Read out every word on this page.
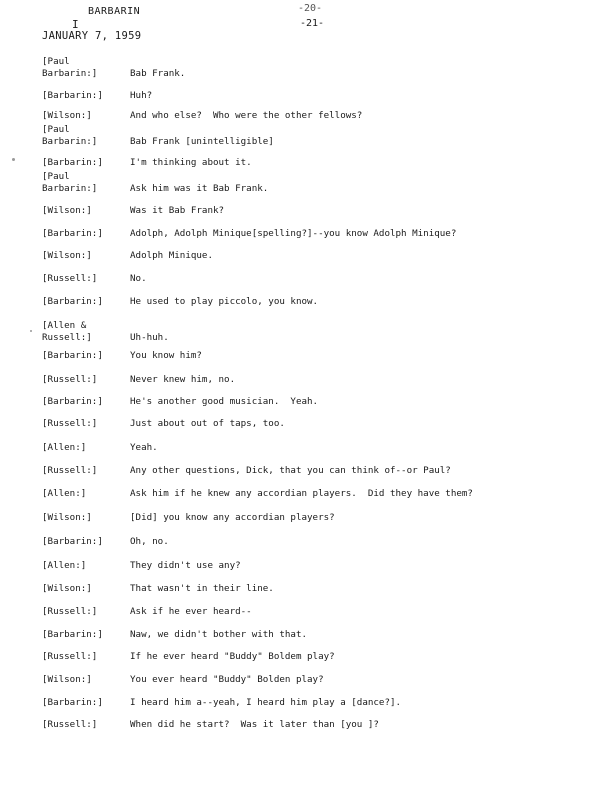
-20-
-21-
BARBARIN
I
JANUARY 7, 1959
[Paul
Barbarin:]	Bab Frank.
[Barbarin:]	Huh?
[Wilson:]	And who else?  Who were the other fellows?
[Paul
Barbarin:]	Bab Frank [unintelligible]
[Barbarin:]	I'm thinking about it.
[Paul
Barbarin:]	Ask him was it Bab Frank.
[Wilson:]	Was it Bab Frank?
[Barbarin:]	Adolph, Adolph Minique[spelling?]--you know Adolph Minique?
[Wilson:]	Adolph Minique.
[Russell:]	No.
[Barbarin:]	He used to play piccolo, you know.
[Allen &
Russell:]	Uh-huh.
[Barbarin:]	You know him?
[Russell:]	Never knew him, no.
[Barbarin:]	He's another good musician.  Yeah.
[Russell:]	Just about out of taps, too.
[Allen:]	Yeah.
[Russell:]	Any other questions, Dick, that you can think of--or Paul?
[Allen:]	Ask him if he knew any accordian players.  Did they have them?
[Wilson:]	[Did] you know any accordian players?
[Barbarin:]	Oh, no.
[Allen:]	They didn't use any?
[Wilson:]	That wasn't in their line.
[Russell:]	Ask if he ever heard--
[Barbarin:]	Naw, we didn't bother with that.
[Russell:]	If he ever heard "Buddy" Boldem play?
[Wilson:]	You ever heard "Buddy" Bolden play?
[Barbarin:]	I heard him a--yeah, I heard him play a [dance?].
[Russell:]	When did he start?  Was it later than [you ]?
